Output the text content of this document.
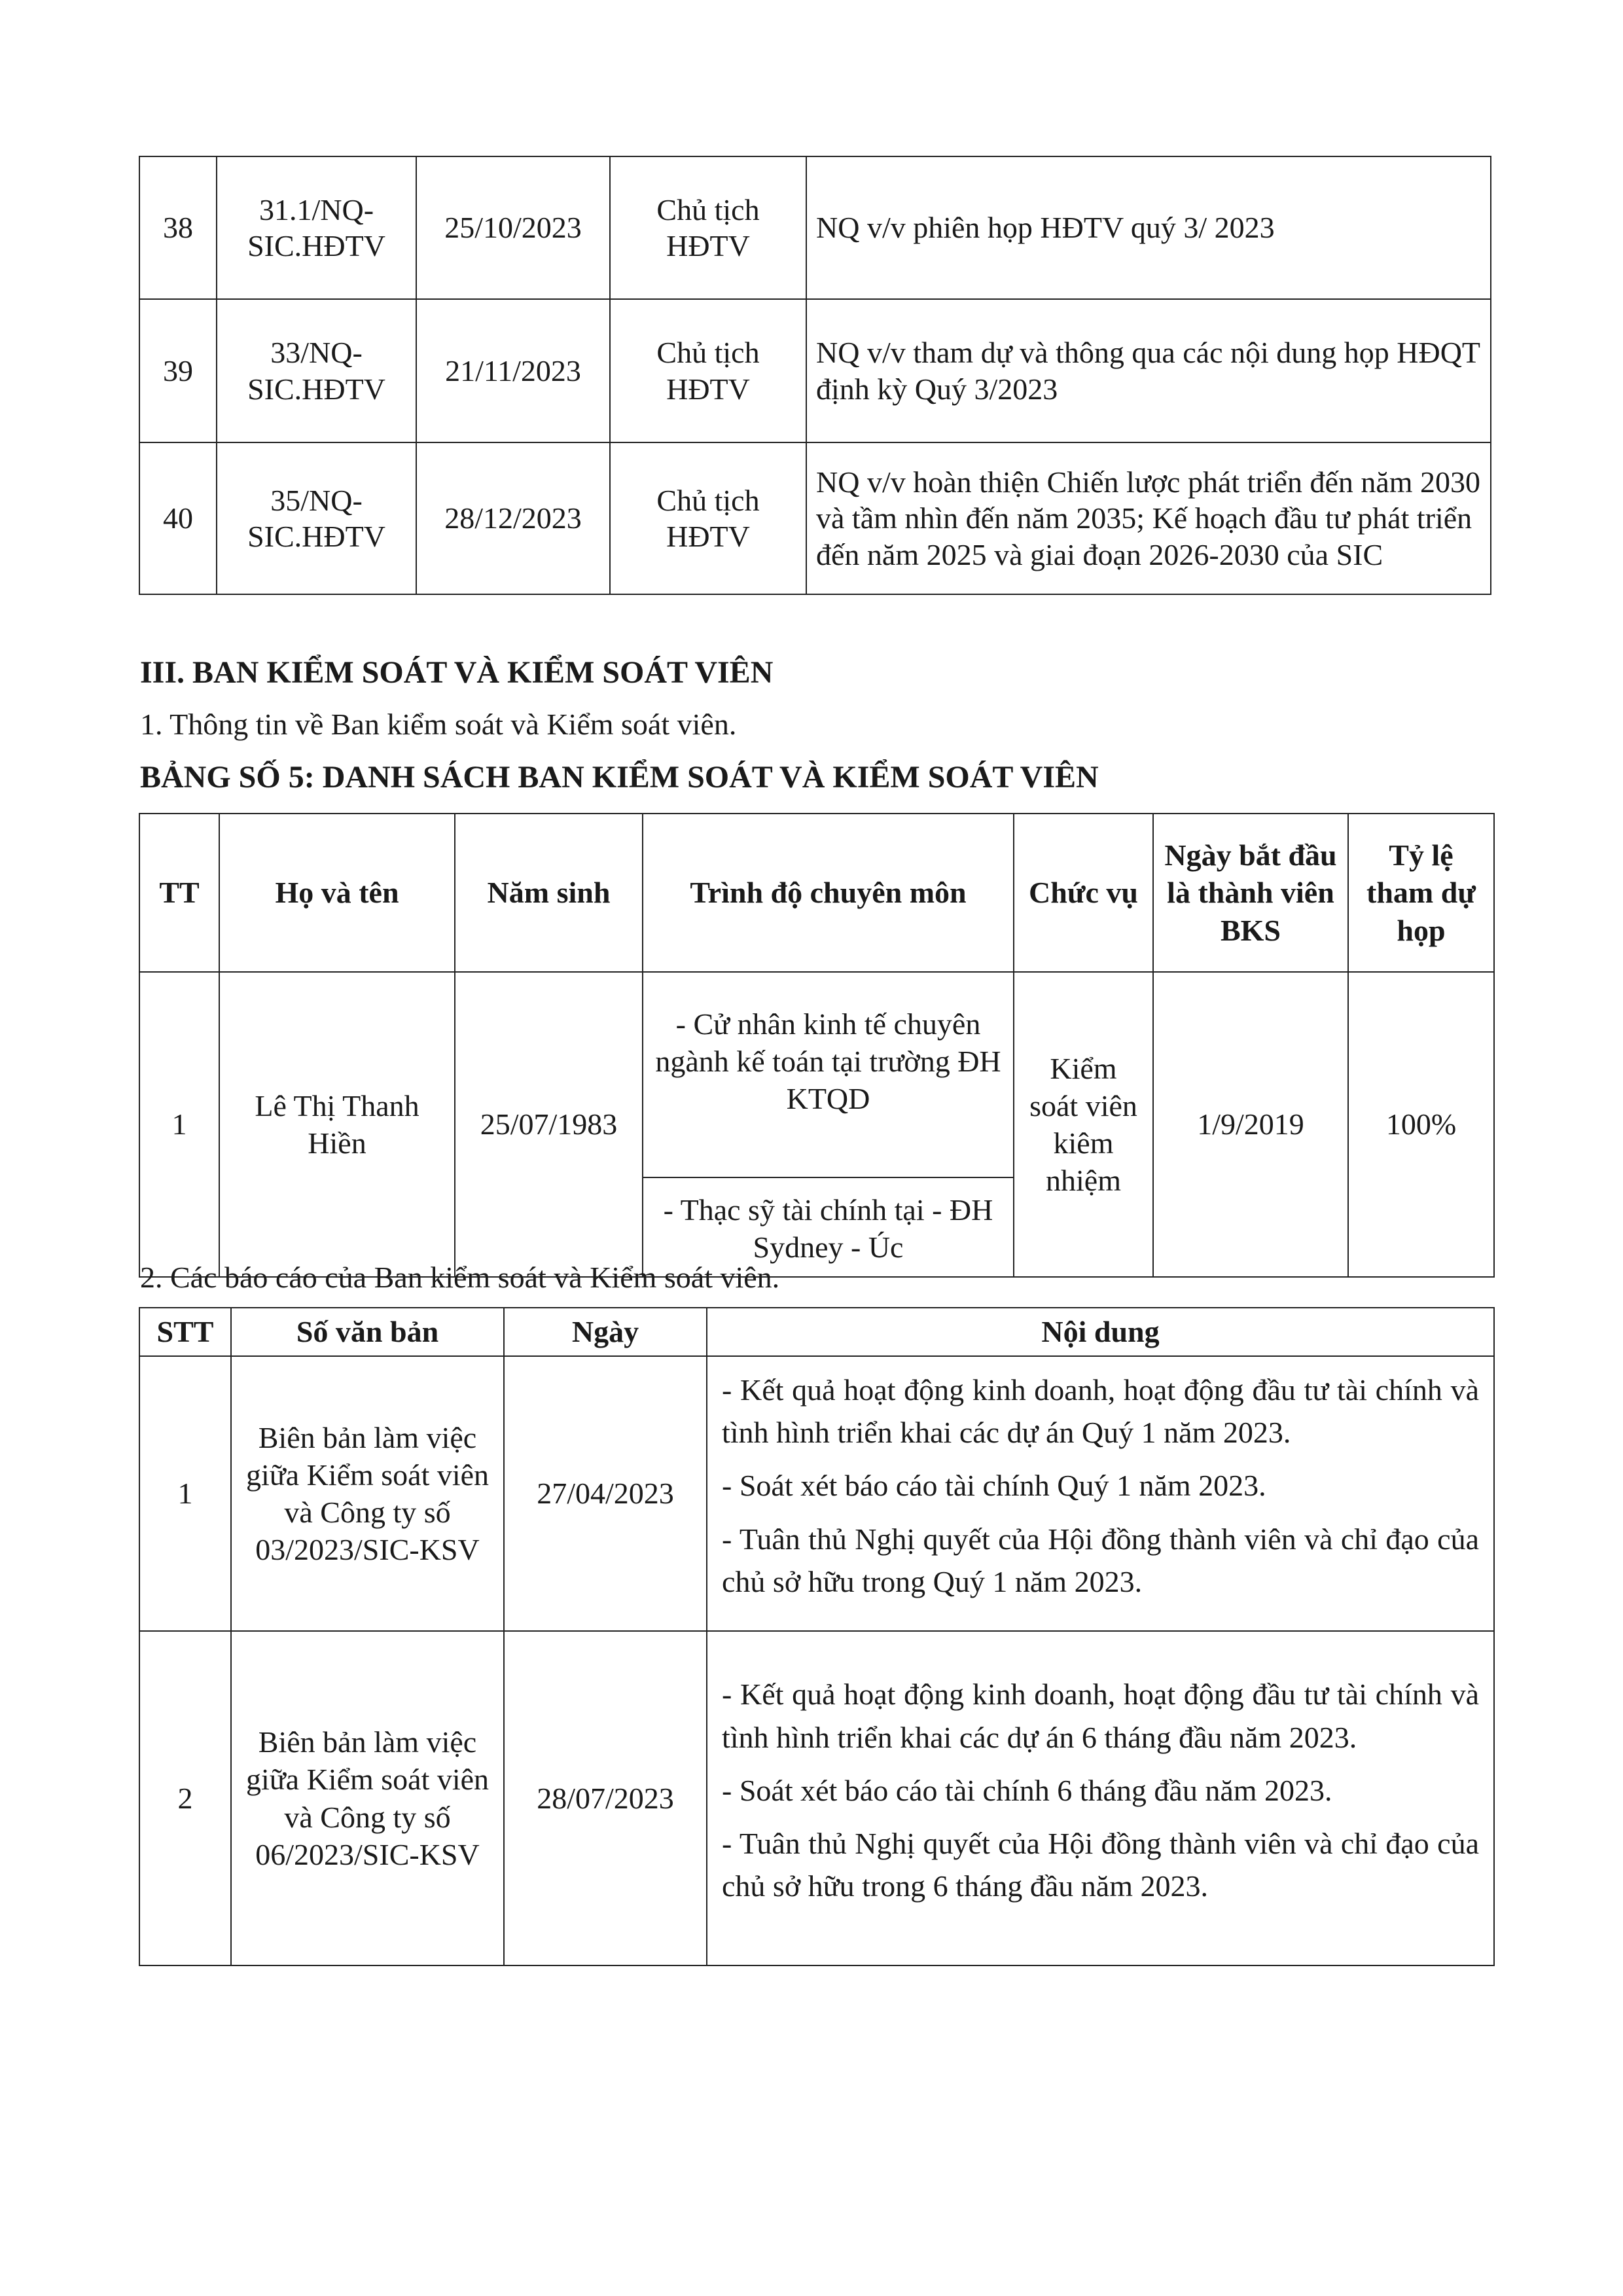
38	31.1/NQ-SIC.HĐTV	25/10/2023	Chủ tịch HĐTV	NQ v/v phiên họp HĐTV quý 3/ 2023
39	33/NQ-SIC.HĐTV	21/11/2023	Chủ tịch HĐTV	NQ v/v tham dự và thông qua các nội dung họp HĐQT định kỳ Quý 3/2023
40	35/NQ-SIC.HĐTV	28/12/2023	Chủ tịch HĐTV	NQ v/v hoàn thiện Chiến lược phát triển đến năm 2030 và tầm nhìn đến năm 2035; Kế hoạch đầu tư phát triển đến năm 2025 và giai đoạn 2026-2030 của SIC
III. BAN KIỂM SOÁT VÀ KIỂM SOÁT VIÊN

1. Thông tin về Ban kiểm soát và Kiểm soát viên.

BẢNG SỐ 5: DANH SÁCH BAN KIỂM SOÁT VÀ KIỂM SOÁT VIÊN
TT	Họ và tên	Năm sinh	Trình độ chuyên môn	Chức vụ	Ngày bắt đầu là thành viên BKS	Tỷ lệ tham dự họp
1	Lê Thị Thanh Hiền	25/07/1983	- Cử nhân kinh tế chuyên ngành kế toán tại trường ĐH KTQD	Kiểm soát viên kiêm nhiệm	1/9/2019	100%
			- Thạc sỹ tài chính tại - ĐH Sydney - Úc			

2. Các báo cáo của Ban kiểm soát và Kiểm soát viên.

STT	Số văn bản	Ngày	Nội dung
1	Biên bản làm việc giữa Kiểm soát viên và Công ty số 03/2023/SIC-KSV	27/04/2023	- Kết quả hoạt động kinh doanh, hoạt động đầu tư tài chính và tình hình triển khai các dự án Quý 1 năm 2023.

- Soát xét báo cáo tài chính Quý 1 năm 2023.

- Tuân thủ Nghị quyết của Hội đồng thành viên và chỉ đạo của chủ sở hữu trong Quý 1 năm 2023.

2	Biên bản làm việc giữa Kiểm soát viên và Công ty số 06/2023/SIC-KSV	28/07/2023	- Kết quả hoạt động kinh doanh, hoạt động đầu tư tài chính và tình hình triển khai các dự án 6 tháng đầu năm 2023.

- Soát xét báo cáo tài chính 6 tháng đầu năm 2023.

- Tuân thủ Nghị quyết của Hội đồng thành viên và chỉ đạo của chủ sở hữu trong 6 tháng đầu năm 2023.
